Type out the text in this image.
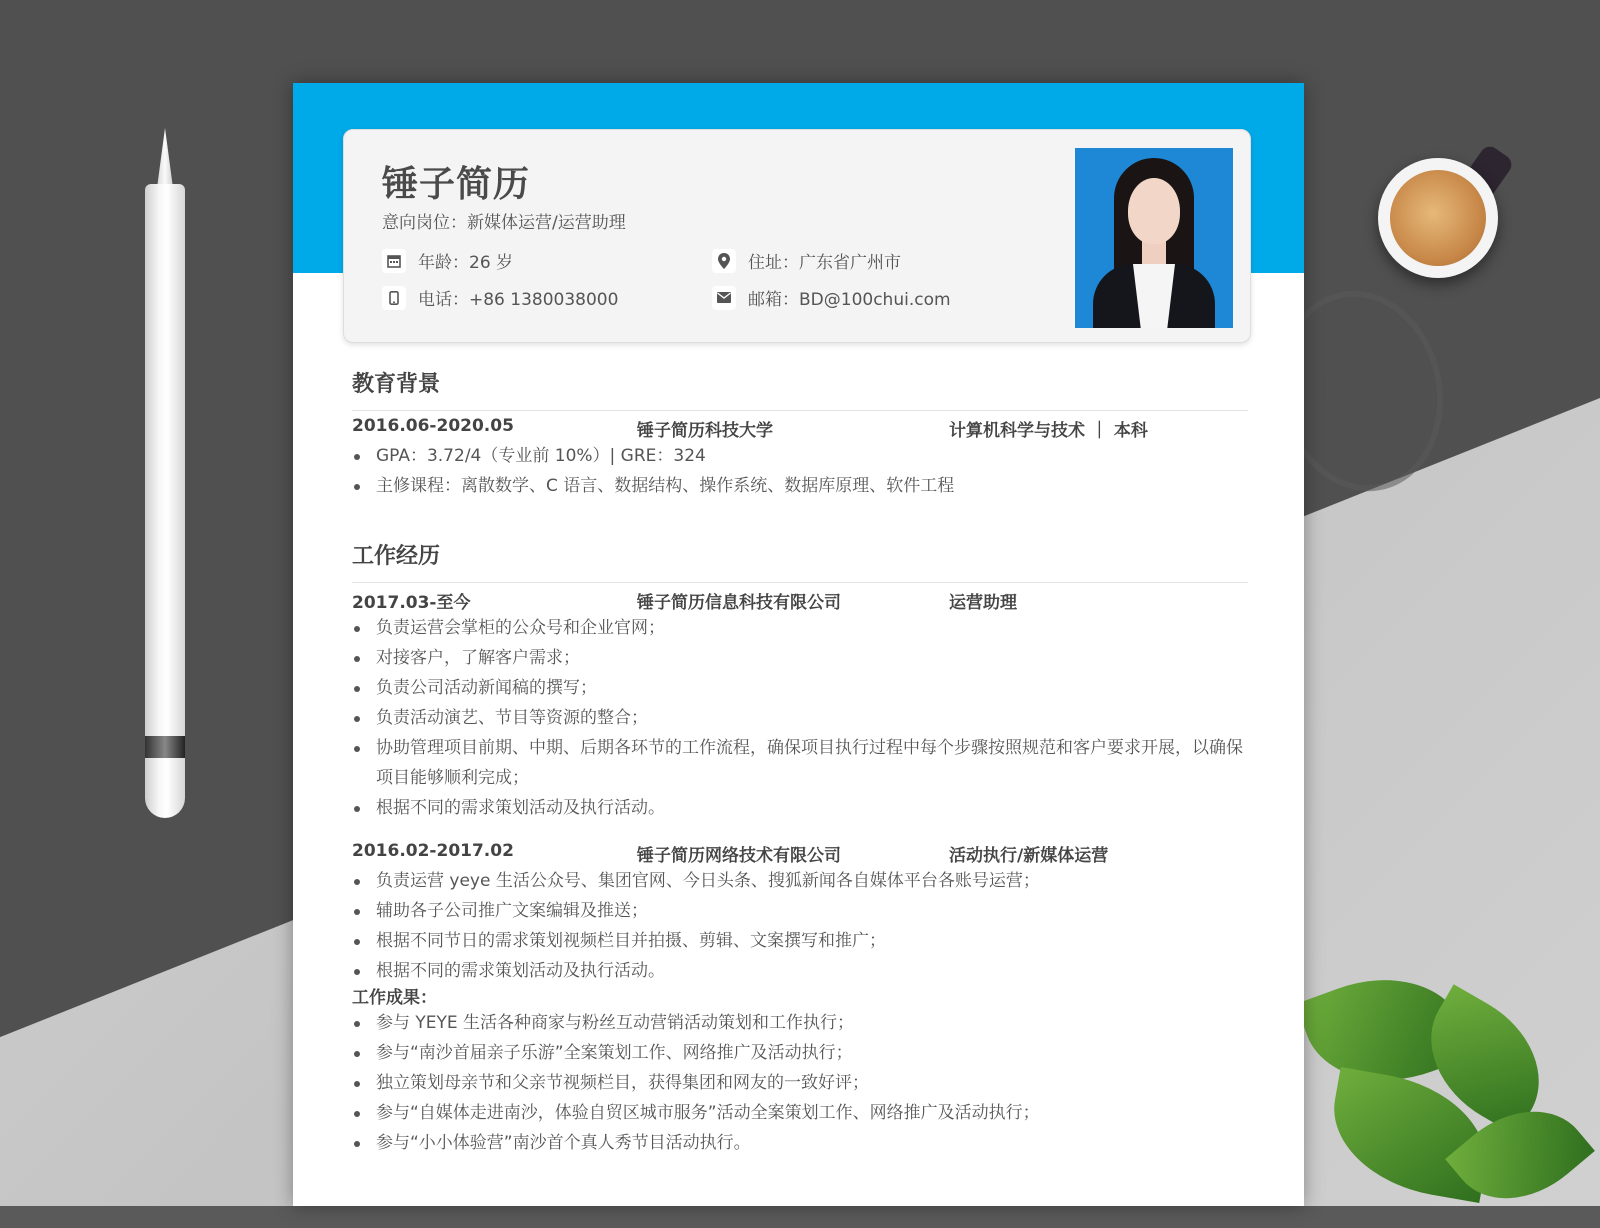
简历
锤子简历
意向岗位：新媒体运营/运营助理
年龄：26 岁	住址：广东省广州市
电话：+86 1380038000	邮箱：BD@100chui.com
教育背景
2016.06-2020.05	锤子简历科技大学	计算机科学与技术 ｜ 本科
GPA：3.72/4（专业前 10%）| GRE：324
主修课程：离散数学、C 语言、数据结构、操作系统、数据库原理、软件工程
工作经历
2017.03-至今	锤子简历信息科技有限公司	运营助理
负责运营会掌柜的公众号和企业官网；
对接客户，了解客户需求；
负责公司活动新闻稿的撰写；
负责活动演艺、节目等资源的整合；
协助管理项目前期、中期、后期各环节的工作流程，确保项目执行过程中每个步骤按照规范和客户要求开展，以确保项目能够顺利完成；
根据不同的需求策划活动及执行活动。
2016.02-2017.02	锤子简历网络技术有限公司	活动执行/新媒体运营
负责运营 yeye 生活公众号、集团官网、今日头条、搜狐新闻各自媒体平台各账号运营；
辅助各子公司推广文案编辑及推送；
根据不同节日的需求策划视频栏目并拍摄、剪辑、文案撰写和推广；
根据不同的需求策划活动及执行活动。
工作成果：
参与 YEYE 生活各种商家与粉丝互动营销活动策划和工作执行；
参与“南沙首届亲子乐游”全案策划工作、网络推广及活动执行；
独立策划母亲节和父亲节视频栏目，获得集团和网友的一致好评；
参与“自媒体走进南沙，体验自贸区城市服务”活动全案策划工作、网络推广及活动执行；
参与“小小体验营”南沙首个真人秀节目活动执行。
